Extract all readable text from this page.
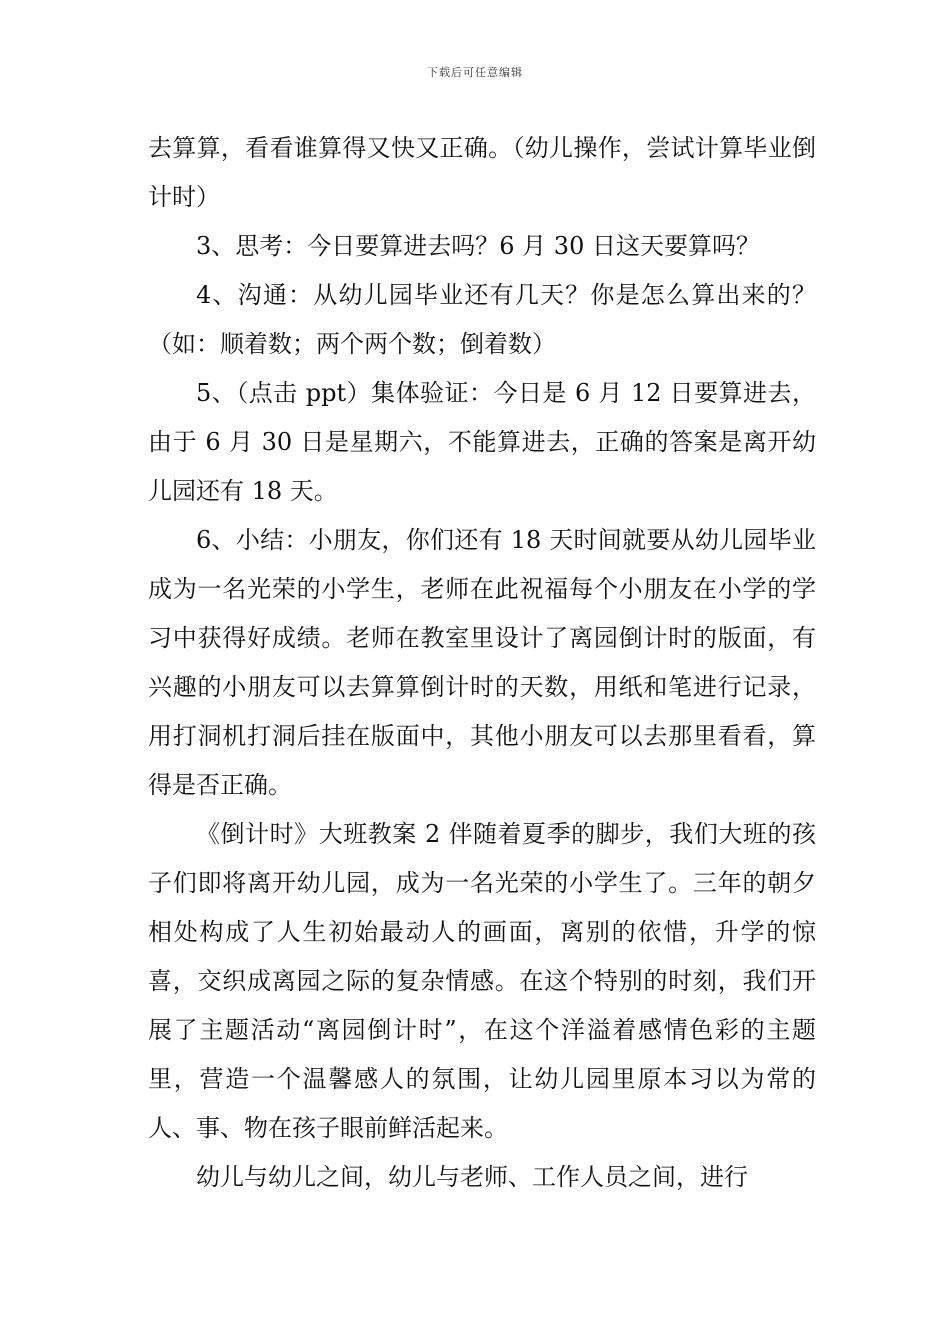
下载后可任意编辑

去算算，看看谁算得又快又正确。（幼儿操作，尝试计算毕业倒计时）

3、思考：今日要算进去吗？6 月 30 日这天要算吗？

4、沟通：从幼儿园毕业还有几天？你是怎么算出来的？（如：顺着数；两个两个数；倒着数）

5、（点击 ppt）集体验证：今日是 6 月 12 日要算进去，由于 6 月 30 日是星期六，不能算进去，正确的答案是离开幼儿园还有 18 天。

6、小结：小朋友，你们还有 18 天时间就要从幼儿园毕业成为一名光荣的小学生，老师在此祝福每个小朋友在小学的学习中获得好成绩。老师在教室里设计了离园倒计时的版面，有兴趣的小朋友可以去算算倒计时的天数，用纸和笔进行记录，用打洞机打洞后挂在版面中，其他小朋友可以去那里看看，算得是否正确。

《倒计时》大班教案 2 伴随着夏季的脚步，我们大班的孩子们即将离开幼儿园，成为一名光荣的小学生了。三年的朝夕相处构成了人生初始最动人的画面，离别的依惜，升学的惊喜，交织成离园之际的复杂情感。在这个特别的时刻，我们开展了主题活动“离园倒计时”，在这个洋溢着感情色彩的主题里，营造一个温馨感人的氛围，让幼儿园里原本习以为常的人、事、物在孩子眼前鲜活起来。

幼儿与幼儿之间，幼儿与老师、工作人员之间，进行
